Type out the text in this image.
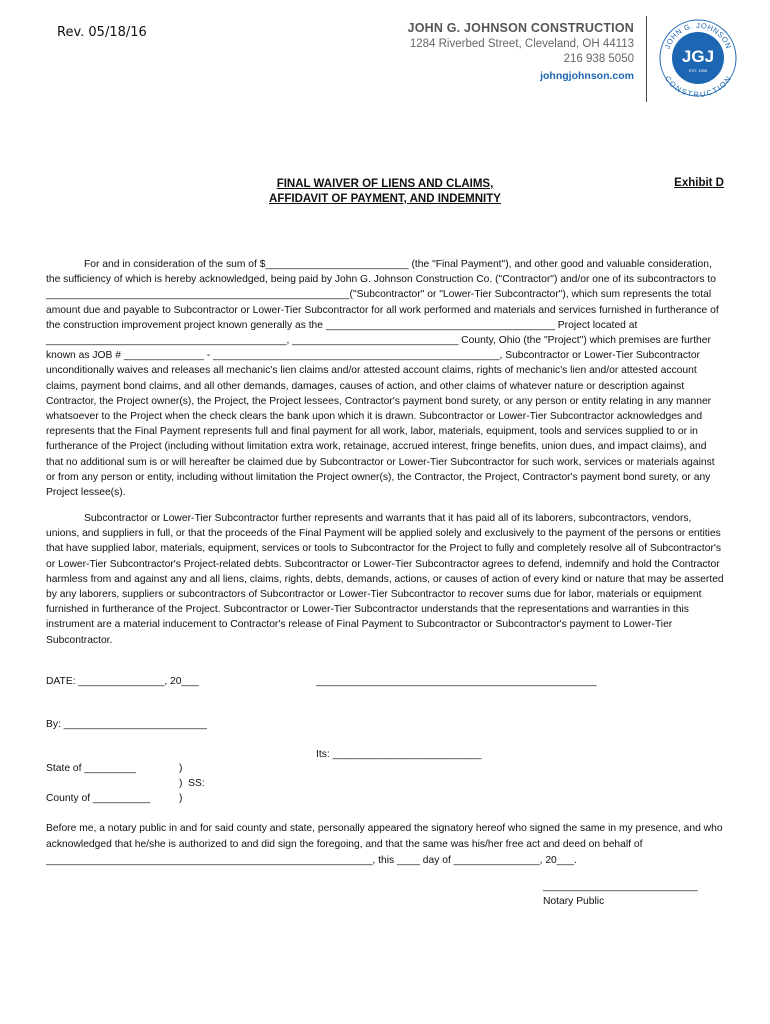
Rev. 05/18/16	JOHN G. JOHNSON CONSTRUCTION
1284 Riverbed Street, Cleveland, OH 44113
216 938 5050
johngjohnson.com
JOHN G. JOHNSON
CONSTRUCTION
JGJ
EST. 1906
FINAL WAIVER OF LIENS AND CLAIMS,
AFFIDAVIT OF PAYMENT, AND INDEMNITY
Exhibit D
For and in consideration of the sum of $_________________________ (the "Final Payment"), and other good and valuable consideration, the sufficiency of which is hereby acknowledged, being paid by John G. Johnson Construction Co. ("Contractor") and/or one of its subcontractors to _____________________________________________________("Subcontractor" or "Lower-Tier Subcontractor"), which sum represents the total amount due and payable to Subcontractor or Lower-Tier Subcontractor for all work performed and materials and services furnished in furtherance of the construction improvement project known generally as the ________________________________________ Project located at __________________________________________, _____________________________ County, Ohio (the "Project") which premises are further known as JOB # ______________ - __________________________________________________, Subcontractor or Lower-Tier Subcontractor unconditionally waives and releases all mechanic's lien claims and/or attested account claims, rights of mechanic's lien and/or attested account claims, payment bond claims, and all other demands, damages, causes of action, and other claims of whatever nature or description against Contractor, the Project owner(s), the Project, the Project lessees, Contractor's payment bond surety, or any person or entity relating in any manner whatsoever to the Project when the check clears the bank upon which it is drawn. Subcontractor or Lower-Tier Subcontractor acknowledges and represents that the Final Payment represents full and final payment for all work, labor, materials, equipment, tools and services supplied to or in furtherance of the Project (including without limitation extra work, retainage, accrued interest, fringe benefits, union dues, and impact claims), and that no additional sum is or will hereafter be claimed due by Subcontractor or Lower-Tier Subcontractor for such work, services or materials against or from any person or entity, including without limitation the Project owner(s), the Contractor, the Project, Contractor's payment bond surety, or any Project lessee(s).
Subcontractor or Lower-Tier Subcontractor further represents and warrants that it has paid all of its laborers, subcontractors, vendors, unions, and suppliers in full, or that the proceeds of the Final Payment will be applied solely and exclusively to the payment of the persons or entities that have supplied labor, materials, equipment, services or tools to Subcontractor for the Project to fully and completely resolve all of Subcontractor's or Lower-Tier Subcontractor's Project-related debts. Subcontractor or Lower-Tier Subcontractor agrees to defend, indemnify and hold the Contractor harmless from and against any and all liens, claims, rights, debts, demands, actions, or causes of action of every kind or nature that may be asserted by any laborers, suppliers or subcontractors of Subcontractor or Lower-Tier Subcontractor to recover sums due for labor, materials or equipment furnished in furtherance of the Project. Subcontractor or Lower-Tier Subcontractor understands that the representations and warranties in this instrument are a material inducement to Contractor's release of Final Payment to Subcontractor or Subcontractor's payment to Lower-Tier Subcontractor.
DATE: _______________, 20___	_________________________________________________
By: _________________________
Its: __________________________
State of _________	)
)  SS:
County of __________	)
Before me, a notary public in and for said county and state, personally appeared the signatory hereof who signed the same in my presence, and who acknowledged that he/she is authorized to and did sign the foregoing, and that the same was his/her free act and deed on behalf of _________________________________________________________, this ____ day of _______________, 20___.
___________________________
Notary Public
